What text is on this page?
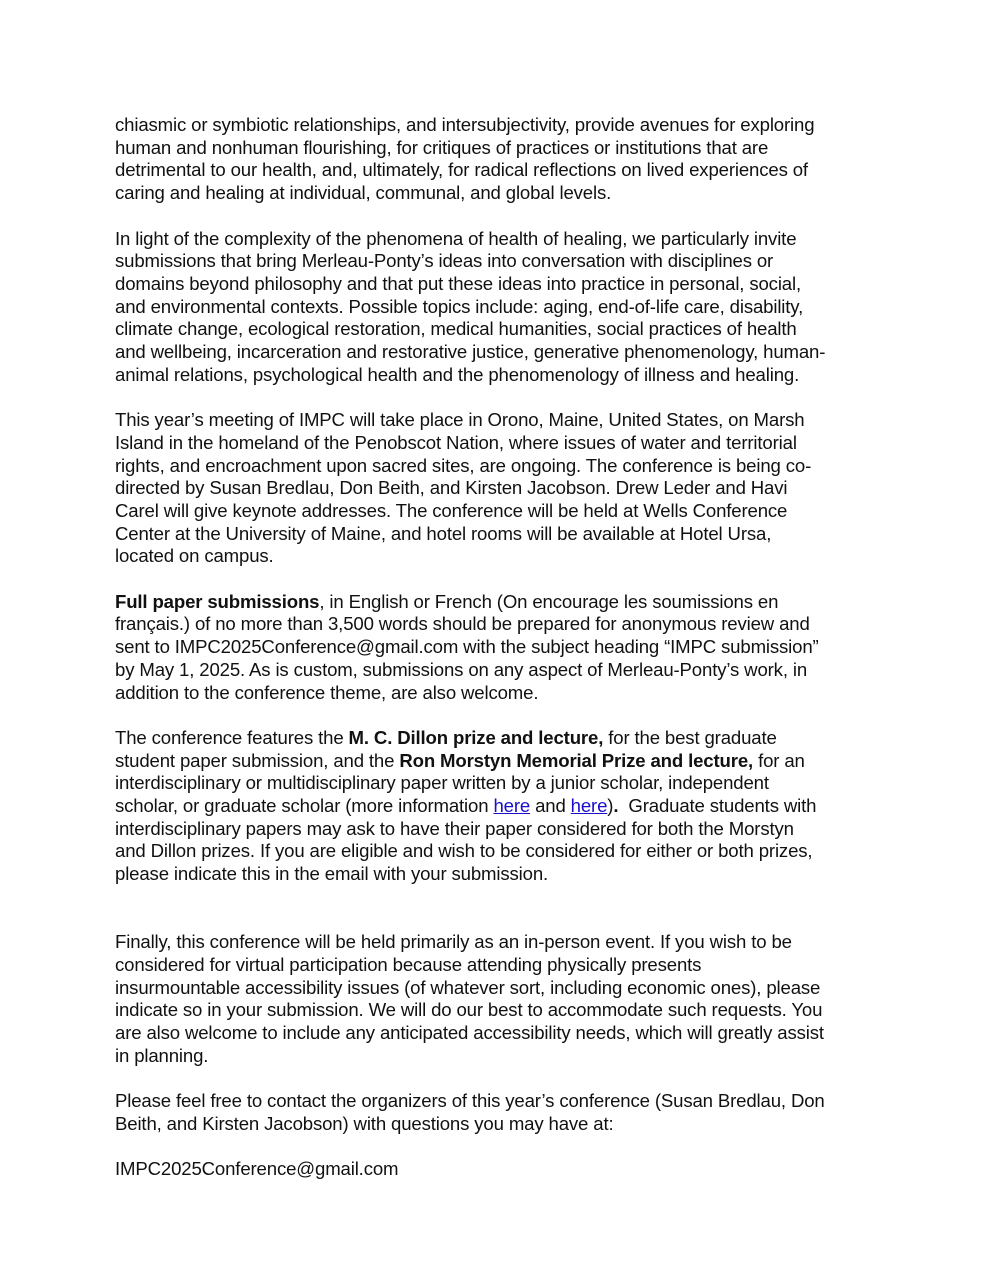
chiasmic or symbiotic relationships, and intersubjectivity, provide avenues for exploring
human and nonhuman flourishing, for critiques of practices or institutions that are
detrimental to our health, and, ultimately, for radical reflections on lived experiences of
caring and healing at individual, communal, and global levels.

In light of the complexity of the phenomena of health of healing, we particularly invite
submissions that bring Merleau-Ponty’s ideas into conversation with disciplines or
domains beyond philosophy and that put these ideas into practice in personal, social,
and environmental contexts. Possible topics include: aging, end-of-life care, disability,
climate change, ecological restoration, medical humanities, social practices of health
and wellbeing, incarceration and restorative justice, generative phenomenology, human-
animal relations, psychological health and the phenomenology of illness and healing.

This year’s meeting of IMPC will take place in Orono, Maine, United States, on Marsh
Island in the homeland of the Penobscot Nation, where issues of water and territorial
rights, and encroachment upon sacred sites, are ongoing. The conference is being co-
directed by Susan Bredlau, Don Beith, and Kirsten Jacobson. Drew Leder and Havi
Carel will give keynote addresses. The conference will be held at Wells Conference
Center at the University of Maine, and hotel rooms will be available at Hotel Ursa,
located on campus.

Full paper submissions, in English or French (On encourage les soumissions en
français.) of no more than 3,500 words should be prepared for anonymous review and
sent to IMPC2025Conference@gmail.com with the subject heading “IMPC submission”
by May 1, 2025. As is custom, submissions on any aspect of Merleau-Ponty’s work, in
addition to the conference theme, are also welcome.

The conference features the M. C. Dillon prize and lecture, for the best graduate
student paper submission, and the Ron Morstyn Memorial Prize and lecture, for an
interdisciplinary or multidisciplinary paper written by a junior scholar, independent
scholar, or graduate scholar (more information here and here).  Graduate students with
interdisciplinary papers may ask to have their paper considered for both the Morstyn
and Dillon prizes. If you are eligible and wish to be considered for either or both prizes,
please indicate this in the email with your submission.

Finally, this conference will be held primarily as an in-person event. If you wish to be
considered for virtual participation because attending physically presents
insurmountable accessibility issues (of whatever sort, including economic ones), please
indicate so in your submission. We will do our best to accommodate such requests. You
are also welcome to include any anticipated accessibility needs, which will greatly assist
in planning.

Please feel free to contact the organizers of this year’s conference (Susan Bredlau, Don
Beith, and Kirsten Jacobson) with questions you may have at:

IMPC2025Conference@gmail.com
